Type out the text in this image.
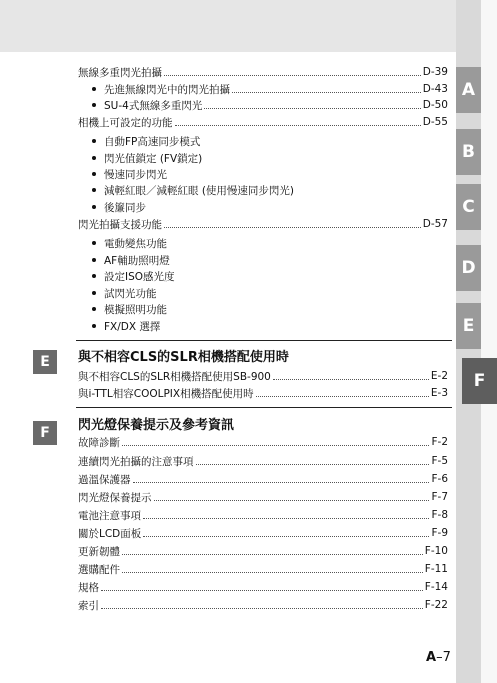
A
B
C
D
E
F
無線多重閃光拍攝	D-39
先進無線閃光中的閃光拍攝	D-43
SU-4式無線多重閃光	D-50
相機上可設定的功能	D-55
自動FP高速同步模式
閃光值鎖定 (FV鎖定)
慢速同步閃光
減輕紅眼／減輕紅眼 (使用慢速同步閃光)
後簾同步
閃光拍攝支援功能	D-57
電動變焦功能
AF輔助照明燈
設定ISO感光度
試閃光功能
模擬照明功能
FX/DX 選擇
E 與不相容CLS的SLR相機搭配使用時
與不相容CLS的SLR相機搭配使用SB-900	E-2
與i-TTL相容COOLPIX相機搭配使用時	E-3
F 閃光燈保養提示及參考資訊
故障診斷	F-2
連續閃光拍攝的注意事項	F-5
過溫保護器	F-6
閃光燈保養提示	F-7
電池注意事項	F-8
關於LCD面板	F-9
更新韌體	F-10
選購配件	F-11
規格	F-14
索引	F-22
A–7
